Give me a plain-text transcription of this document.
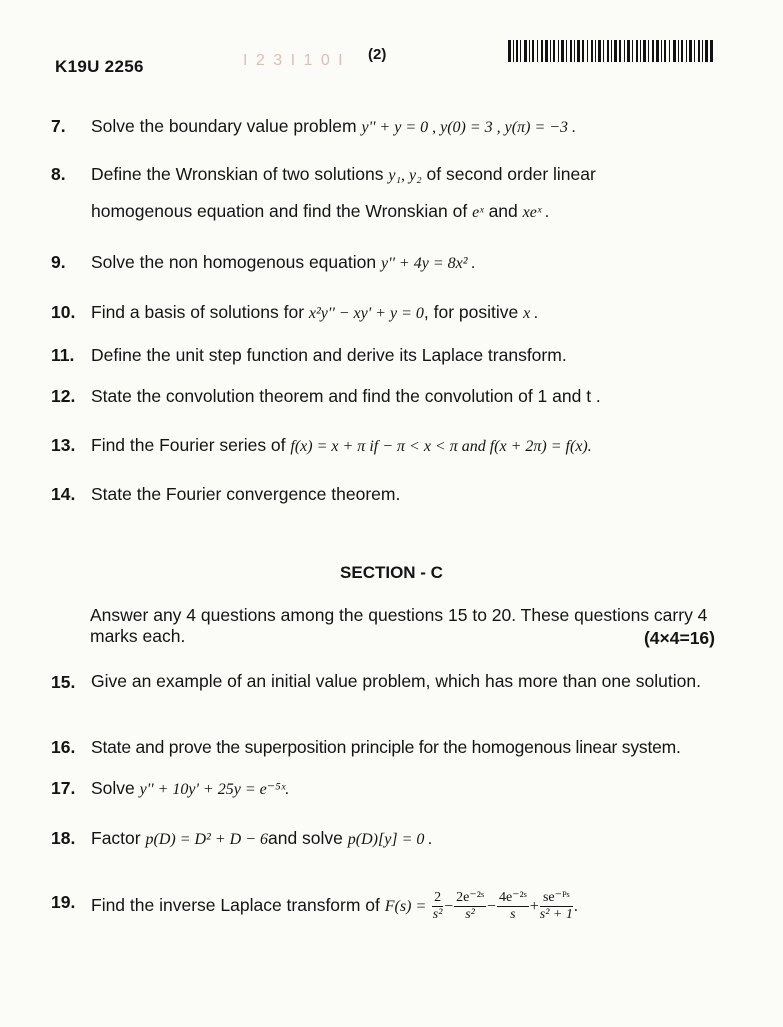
K19U 2256	I 2 3 I 1 0 I (2)
7.	Solve the boundary value problem y'' + y = 0 , y(0) = 3 , y(π) = −3 .
8.	Define the Wronskian of two solutions y₁, y₂ of second order linear
homogenous equation and find the Wronskian of eˣ and xeˣ .
9.	Solve the non homogenous equation y'' + 4y = 8x² .
10. Find a basis of solutions for x²y'' − xy' + y = 0, for positive x .
11. Define the unit step function and derive its Laplace transform.
12. State the convolution theorem and find the convolution of 1 and t .
13. Find the Fourier series of f(x) = x + π if − π < x < π and f(x + 2π) = f(x).
14. State the Fourier convergence theorem.
SECTION - C
Answer any 4 questions among the questions 15 to 20. These questions carry 4 marks each.	(4×4=16)
15. Give an example of an initial value problem, which has more than one solution.
16. State and prove the superposition principle for the homogenous linear system.
17. Solve y'' + 10y' + 25y = e⁻⁵ˣ.
18. Factor p(D) = D² + D − 6and solve p(D)[y] = 0 .
19. Find the inverse Laplace transform of $F(s) = \frac{2}{\text{s²}} - \frac{\text{2e⁻²ˢ}}{\text{s²}} - \frac{\text{4e⁻²ˢ}}{s} + \frac{\text{se⁻ᴾˢ}}{\text{s² + 1}}$ .
